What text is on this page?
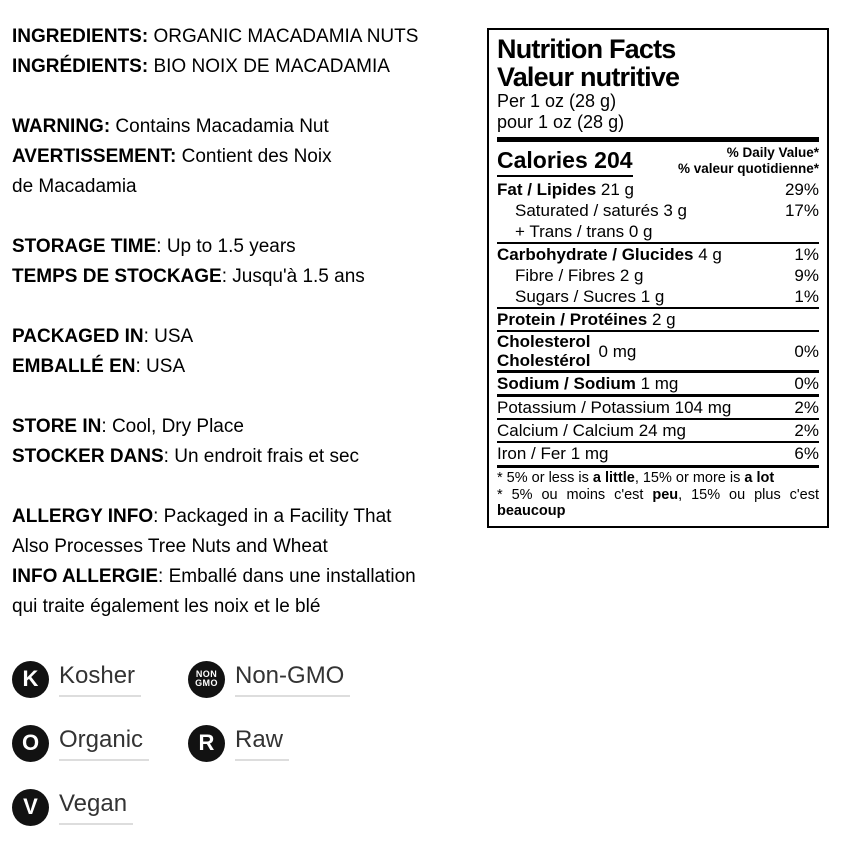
INGREDIENTS: ORGANIC MACADAMIA NUTS
INGRÉDIENTS: BIO NOIX DE MACADAMIA
WARNING: Contains Macadamia Nut
AVERTISSEMENT: Contient des Noix
de Macadamia
STORAGE TIME: Up to 1.5 years
TEMPS DE STOCKAGE: Jusqu'à 1.5 ans
PACKAGED IN: USA
EMBALLÉ EN: USA
STORE IN: Cool, Dry Place
STOCKER DANS: Un endroit frais et sec
ALLERGY INFO: Packaged in a Facility That
Also Processes Tree Nuts and Wheat
INFO ALLERGIE: Emballé dans une installation
qui traite également les noix et le blé
Nutrition Facts
Valeur nutritive
Per 1 oz (28 g)
pour 1 oz (28 g)
Calories 204	% Daily Value*
% valeur quotidienne*
Fat / Lipides 21 g	29%
Saturated / saturés 3 g	17%
+ Trans / trans 0 g
Carbohydrate / Glucides 4 g	1%
Fibre / Fibres 2 g	9%
Sugars / Sucres 1 g	1%
Protein / Protéines 2 g
Cholesterol
Cholestérol 0 mg	0%
Sodium / Sodium 1 mg	0%
Potassium / Potassium 104 mg	2%
Calcium / Calcium 24 mg	2%
Iron / Fer 1 mg	6%
* 5% or less is a little, 15% or more is a lot
* 5% ou moins c'est peu, 15% ou plus c'est beaucoup
K Kosher	NON
GMO Non-GMO
O Organic	R Raw
V Vegan
